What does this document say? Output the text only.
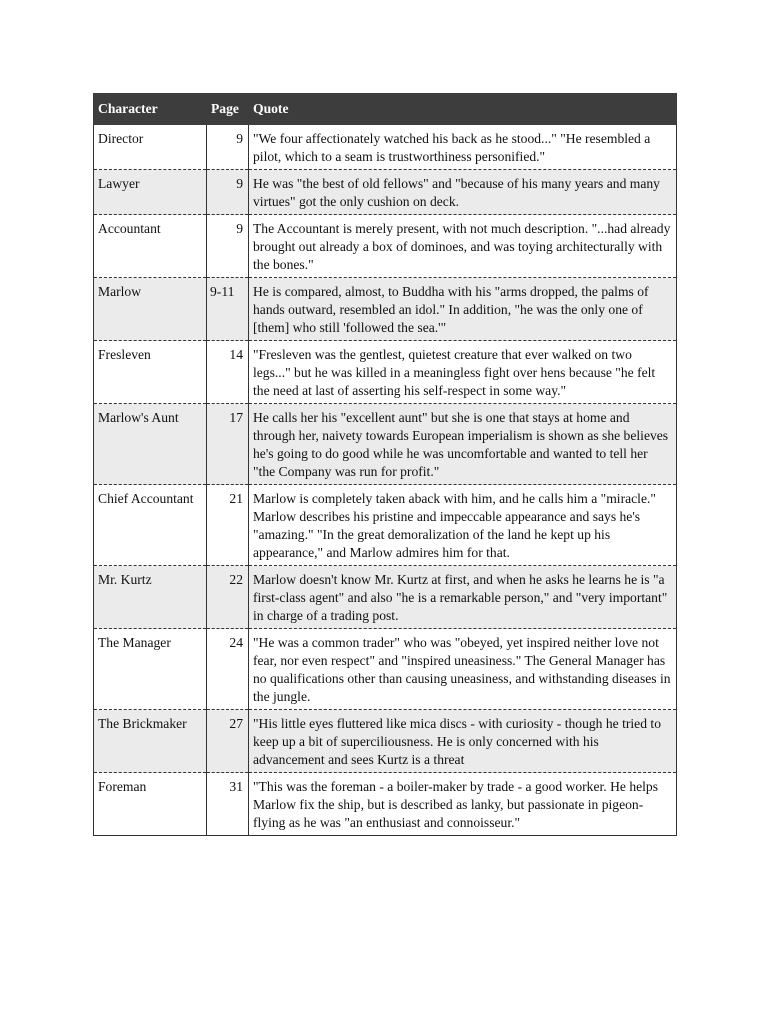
Character	Page	Quote
Director	9	"We four affectionately watched his back as he stood..." "He resembled a pilot, which to a seam is trustworthiness personified."
Lawyer	9	He was "the best of old fellows" and "because of his many years and many virtues" got the only cushion on deck.
Accountant	9	The Accountant is merely present, with not much description. "...had already brought out already a box of dominoes, and was toying architecturally with the bones."
Marlow	9-11	He is compared, almost, to Buddha with his "arms dropped, the palms of hands outward, resembled an idol." In addition, "he was the only one of [them] who still 'followed the sea.'"
Fresleven	14	"Fresleven was the gentlest, quietest creature that ever walked on two legs..." but he was killed in a meaningless fight over hens because "he felt the need at last of asserting his self-respect in some way."
Marlow's Aunt	17	He calls her his "excellent aunt" but she is one that stays at home and through her, naivety towards European imperialism is shown as she believes he's going to do good while he was uncomfortable and wanted to tell her "the Company was run for profit."
Chief Accountant	21	Marlow is completely taken aback with him, and he calls him a "miracle." Marlow describes his pristine and impeccable appearance and says he's "amazing." "In the great demoralization of the land he kept up his appearance," and Marlow admires him for that.
Mr. Kurtz	22	Marlow doesn't know Mr. Kurtz at first, and when he asks he learns he is "a first-class agent" and also "he is a remarkable person," and "very important" in charge of a trading post.
The Manager	24	"He was a common trader" who was "obeyed, yet inspired neither love not fear, nor even respect" and "inspired uneasiness." The General Manager has no qualifications other than causing uneasiness, and withstanding diseases in the jungle.
The Brickmaker	27	"His little eyes fluttered like mica discs - with curiosity - though he tried to keep up a bit of superciliousness. He is only concerned with his advancement and sees Kurtz is a threat
Foreman	31	"This was the foreman - a boiler-maker by trade - a good worker. He helps Marlow fix the ship, but is described as lanky, but passionate in pigeon-flying as he was "an enthusiast and connoisseur."
